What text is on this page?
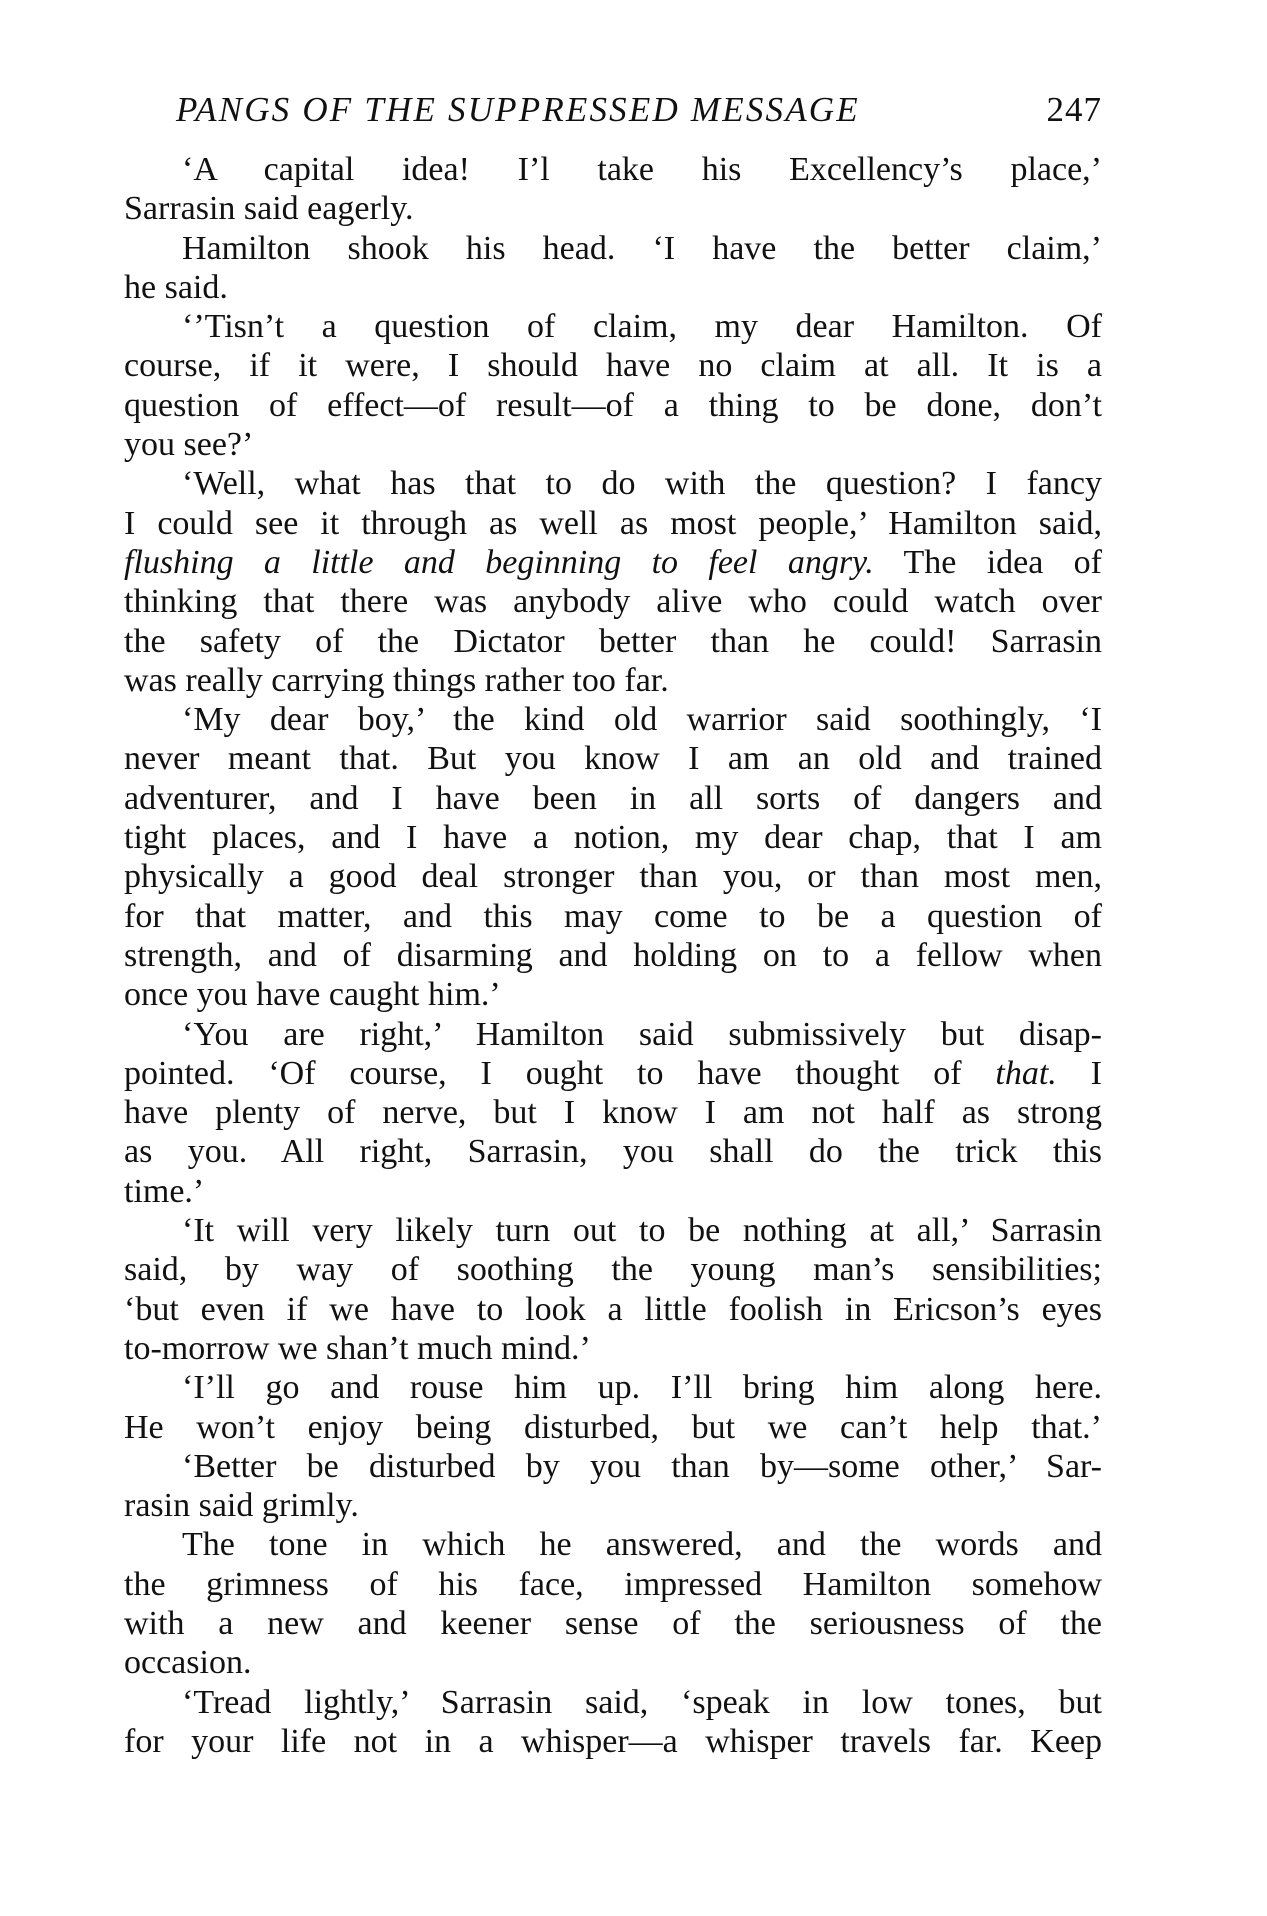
PANGS OF THE SUPPRESSED MESSAGE	247
‘A capital idea! I’l take his Excellency’s place,’
Sarrasin said eagerly.
Hamilton shook his head. ‘I have the better claim,’
he said.
‘’Tisn’t a question of claim, my dear Hamilton. Of
course, if it were, I should have no claim at all. It is a
question of effect—of result—of a thing to be done, don’t
you see?’
‘Well, what has that to do with the question? I fancy
I could see it through as well as most people,’ Hamilton said,
flushing a little and beginning to feel angry. The idea of
thinking that there was anybody alive who could watch over
the safety of the Dictator better than he could! Sarrasin
was really carrying things rather too far.
‘My dear boy,’ the kind old warrior said soothingly, ‘I
never meant that. But you know I am an old and trained
adventurer, and I have been in all sorts of dangers and
tight places, and I have a notion, my dear chap, that I am
physically a good deal stronger than you, or than most men,
for that matter, and this may come to be a question of
strength, and of disarming and holding on to a fellow when
once you have caught him.’
‘You are right,’ Hamilton said submissively but disap-
pointed. ‘Of course, I ought to have thought of that. I
have plenty of nerve, but I know I am not half as strong
as you. All right, Sarrasin, you shall do the trick this
time.’
‘It will very likely turn out to be nothing at all,’ Sarrasin
said, by way of soothing the young man’s sensibilities;
‘but even if we have to look a little foolish in Ericson’s eyes
to-morrow we shan’t much mind.’
‘I’ll go and rouse him up. I’ll bring him along here.
He won’t enjoy being disturbed, but we can’t help that.’
‘Better be disturbed by you than by—some other,’ Sar-
rasin said grimly.
The tone in which he answered, and the words and
the grimness of his face, impressed Hamilton somehow
with a new and keener sense of the seriousness of the
occasion.
‘Tread lightly,’ Sarrasin said, ‘speak in low tones, but
for your life not in a whisper—a whisper travels far. Keep
